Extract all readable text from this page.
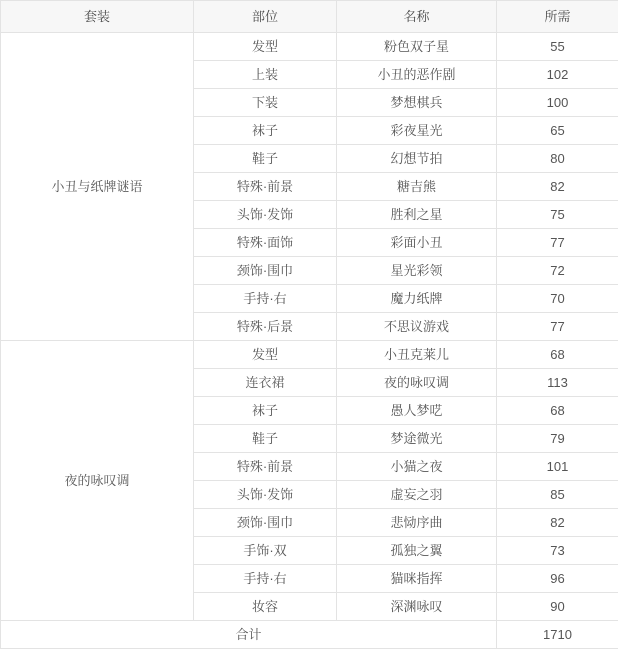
套装	部位	名称	所需
小丑与纸牌谜语	发型	粉色双子星	55
	上装	小丑的恶作剧	102
	下装	梦想棋兵	100
	袜子	彩夜星光	65
	鞋子	幻想节拍	80
	特殊·前景	糖吉熊	82
	头饰·发饰	胜利之星	75
	特殊·面饰	彩面小丑	77
	颈饰·围巾	星光彩领	72
	手持·右	魔力纸牌	70
	特殊·后景	不思议游戏	77
夜的咏叹调	发型	小丑克莱儿	68
	连衣裙	夜的咏叹调	113
	袜子	愚人梦呓	68
	鞋子	梦途微光	79
	特殊·前景	小猫之夜	101
	头饰·发饰	虚妄之羽	85
	颈饰·围巾	悲恸序曲	82
	手饰·双	孤独之翼	73
	手持·右	猫咪指挥	96
	妆容	深渊咏叹	90
合计			1710
